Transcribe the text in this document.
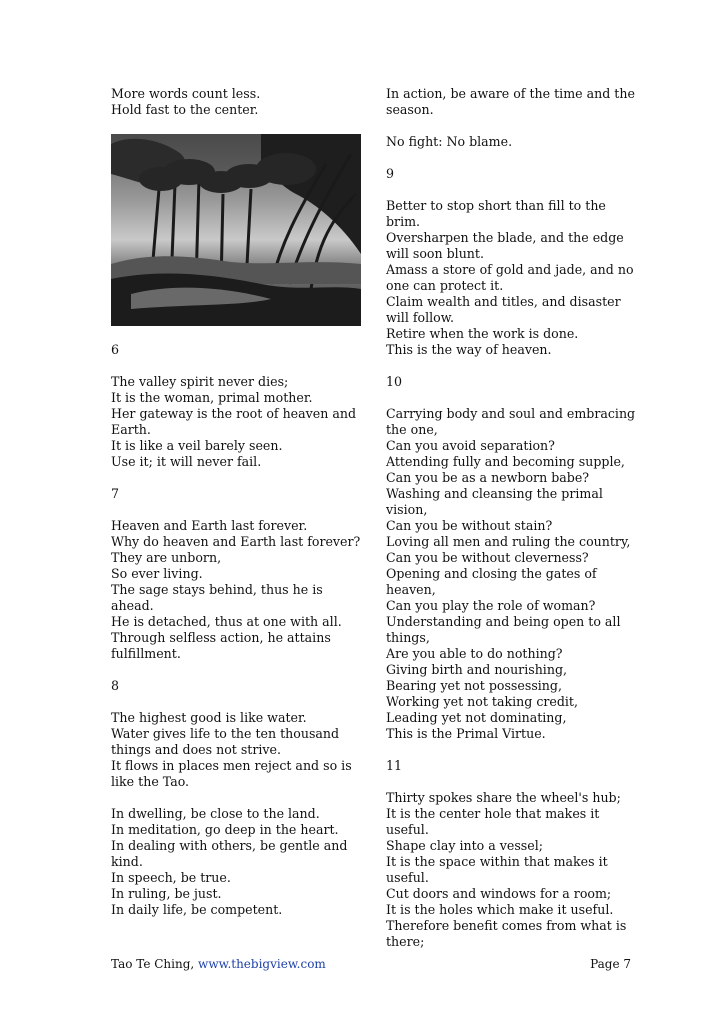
More words count less.
Hold fast to the center.
6
The valley spirit never dies;
It is the woman, primal mother.
Her gateway is the root of heaven and
Earth.
It is like a veil barely seen.
Use it; it will never fail.
7
Heaven and Earth last forever.
Why do heaven and Earth last forever?
They are unborn,
So ever living.
The sage stays behind, thus he is
ahead.
He is detached, thus at one with all.
Through selfless action, he attains
fulfillment.
8
The highest good is like water.
Water gives life to the ten thousand
things and does not strive.
It flows in places men reject and so is
like the Tao.
In dwelling, be close to the land.
In meditation, go deep in the heart.
In dealing with others, be gentle and
kind.
In speech, be true.
In ruling, be just.
In daily life, be competent.
In action, be aware of the time and the
season.
No fight: No blame.
9
Better to stop short than fill to the
brim.
Oversharpen the blade, and the edge
will soon blunt.
Amass a store of gold and jade, and no
one can protect it.
Claim wealth and titles, and disaster
will follow.
Retire when the work is done.
This is the way of heaven.
10
Carrying body and soul and embracing
the one,
Can you avoid separation?
Attending fully and becoming supple,
Can you be as a newborn babe?
Washing and cleansing the primal
vision,
Can you be without stain?
Loving all men and ruling the country,
Can you be without cleverness?
Opening and closing the gates of
heaven,
Can you play the role of woman?
Understanding and being open to all
things,
Are you able to do nothing?
Giving birth and nourishing,
Bearing yet not possessing,
Working yet not taking credit,
Leading yet not dominating,
This is the Primal Virtue.
11
Thirty spokes share the wheel's hub;
It is the center hole that makes it
useful.
Shape clay into a vessel;
It is the space within that makes it
useful.
Cut doors and windows for a room;
It is the holes which make it useful.
Therefore benefit comes from what is
there;
Tao Te Ching, www.thebigview.com	Page 7
